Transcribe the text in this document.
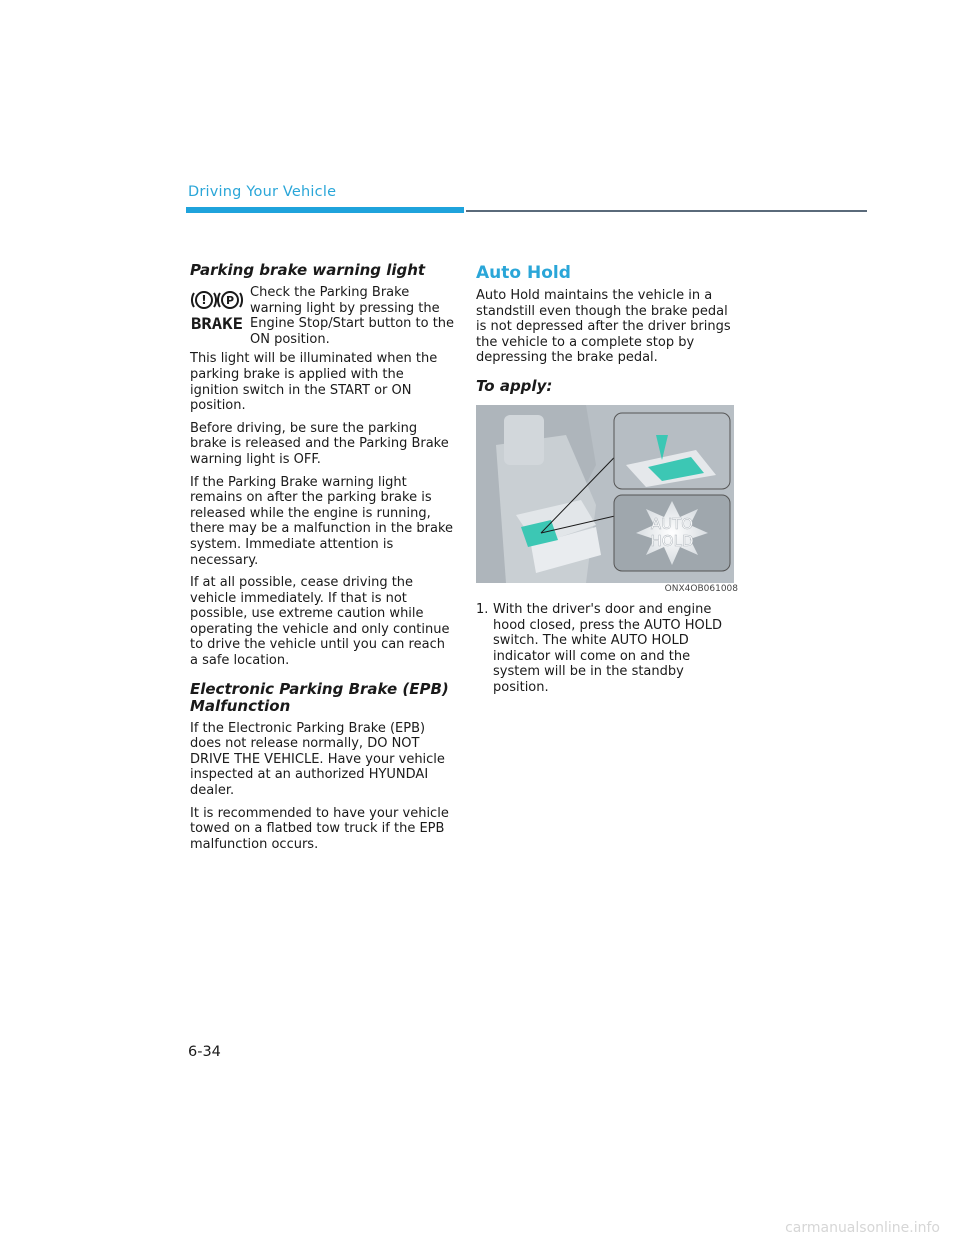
Driving Your Vehicle
Parking brake warning light
! P
BRAKE
Check the Parking Brake warning light by pressing the Engine Stop/Start button to the ON position.

This light will be illuminated when the parking brake is applied with the ignition switch in the START or ON position.

Before driving, be sure the parking brake is released and the Parking Brake warning light is OFF.

If the Parking Brake warning light remains on after the parking brake is released while the engine is running, there may be a malfunction in the brake system. Immediate attention is necessary.

If at all possible, cease driving the vehicle immediately. If that is not possible, use extreme caution while operating the vehicle and only continue to drive the vehicle until you can reach a safe location.

Electronic Parking Brake (EPB) Malfunction

If the Electronic Parking Brake (EPB) does not release normally, DO NOT DRIVE THE VEHICLE. Have your vehicle inspected at an authorized HYUNDAI dealer.

It is recommended to have your vehicle towed on a flatbed tow truck if the EPB malfunction occurs.

Auto Hold

Auto Hold maintains the vehicle in a standstill even though the brake pedal is not depressed after the driver brings the vehicle to a complete stop by depressing the brake pedal.

To apply:
AUTO
HOLD
ONX4OB061008
1. With the driver's door and engine hood closed, press the AUTO HOLD switch. The white AUTO HOLD indicator will come on and the system will be in the standby position.
6-34
carmanualsonline.info
